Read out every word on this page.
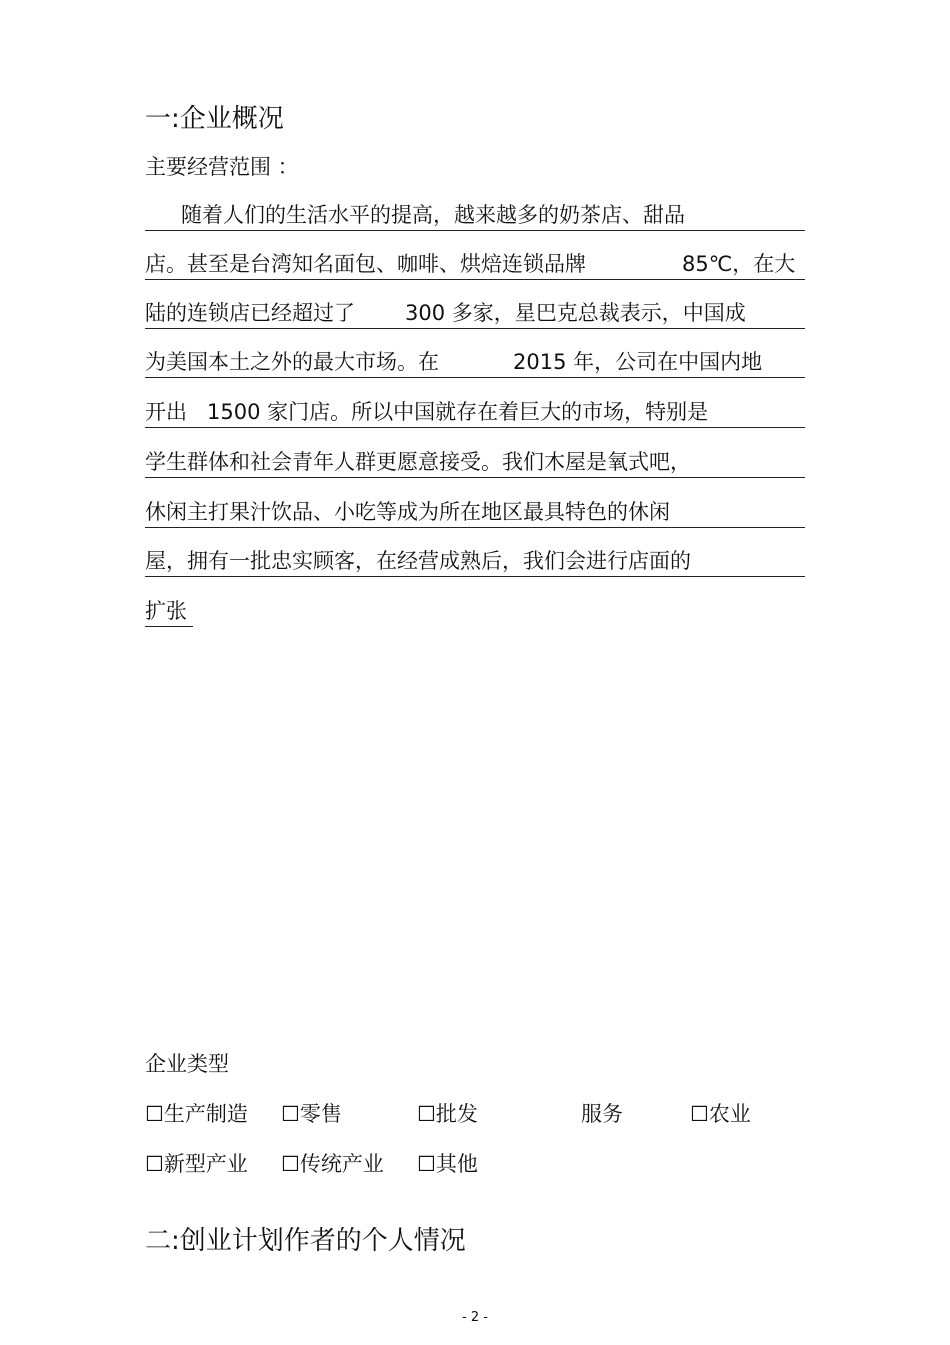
一:企业概况
主要经营范围 ：
随着人们的生活水平的提高，越来越多的奶茶店、甜品
店。甚至是台湾知名面包、咖啡、烘焙连锁品牌	85℃，在大
陆的连锁店已经超过了 300 多家，星巴克总裁表示，中国成
为美国本土之外的最大市场。在	2015 年，公司在中国内地
开出 1500 家门店。所以中国就存在着巨大的市场，特别是
学生群体和社会青年人群更愿意接受。我们木屋是氧式吧，
休闲主打果汁饮品、小吃等成为所在地区最具特色的休闲
屋，拥有一批忠实顾客，在经营成熟后，我们会进行店面的
扩张
企业类型
☐生产制造 ☐零售	☐批发	服务	☐农业
☐新型产业 ☐传统产业 ☐其他
二:创业计划作者的个人情况
- 2 -
